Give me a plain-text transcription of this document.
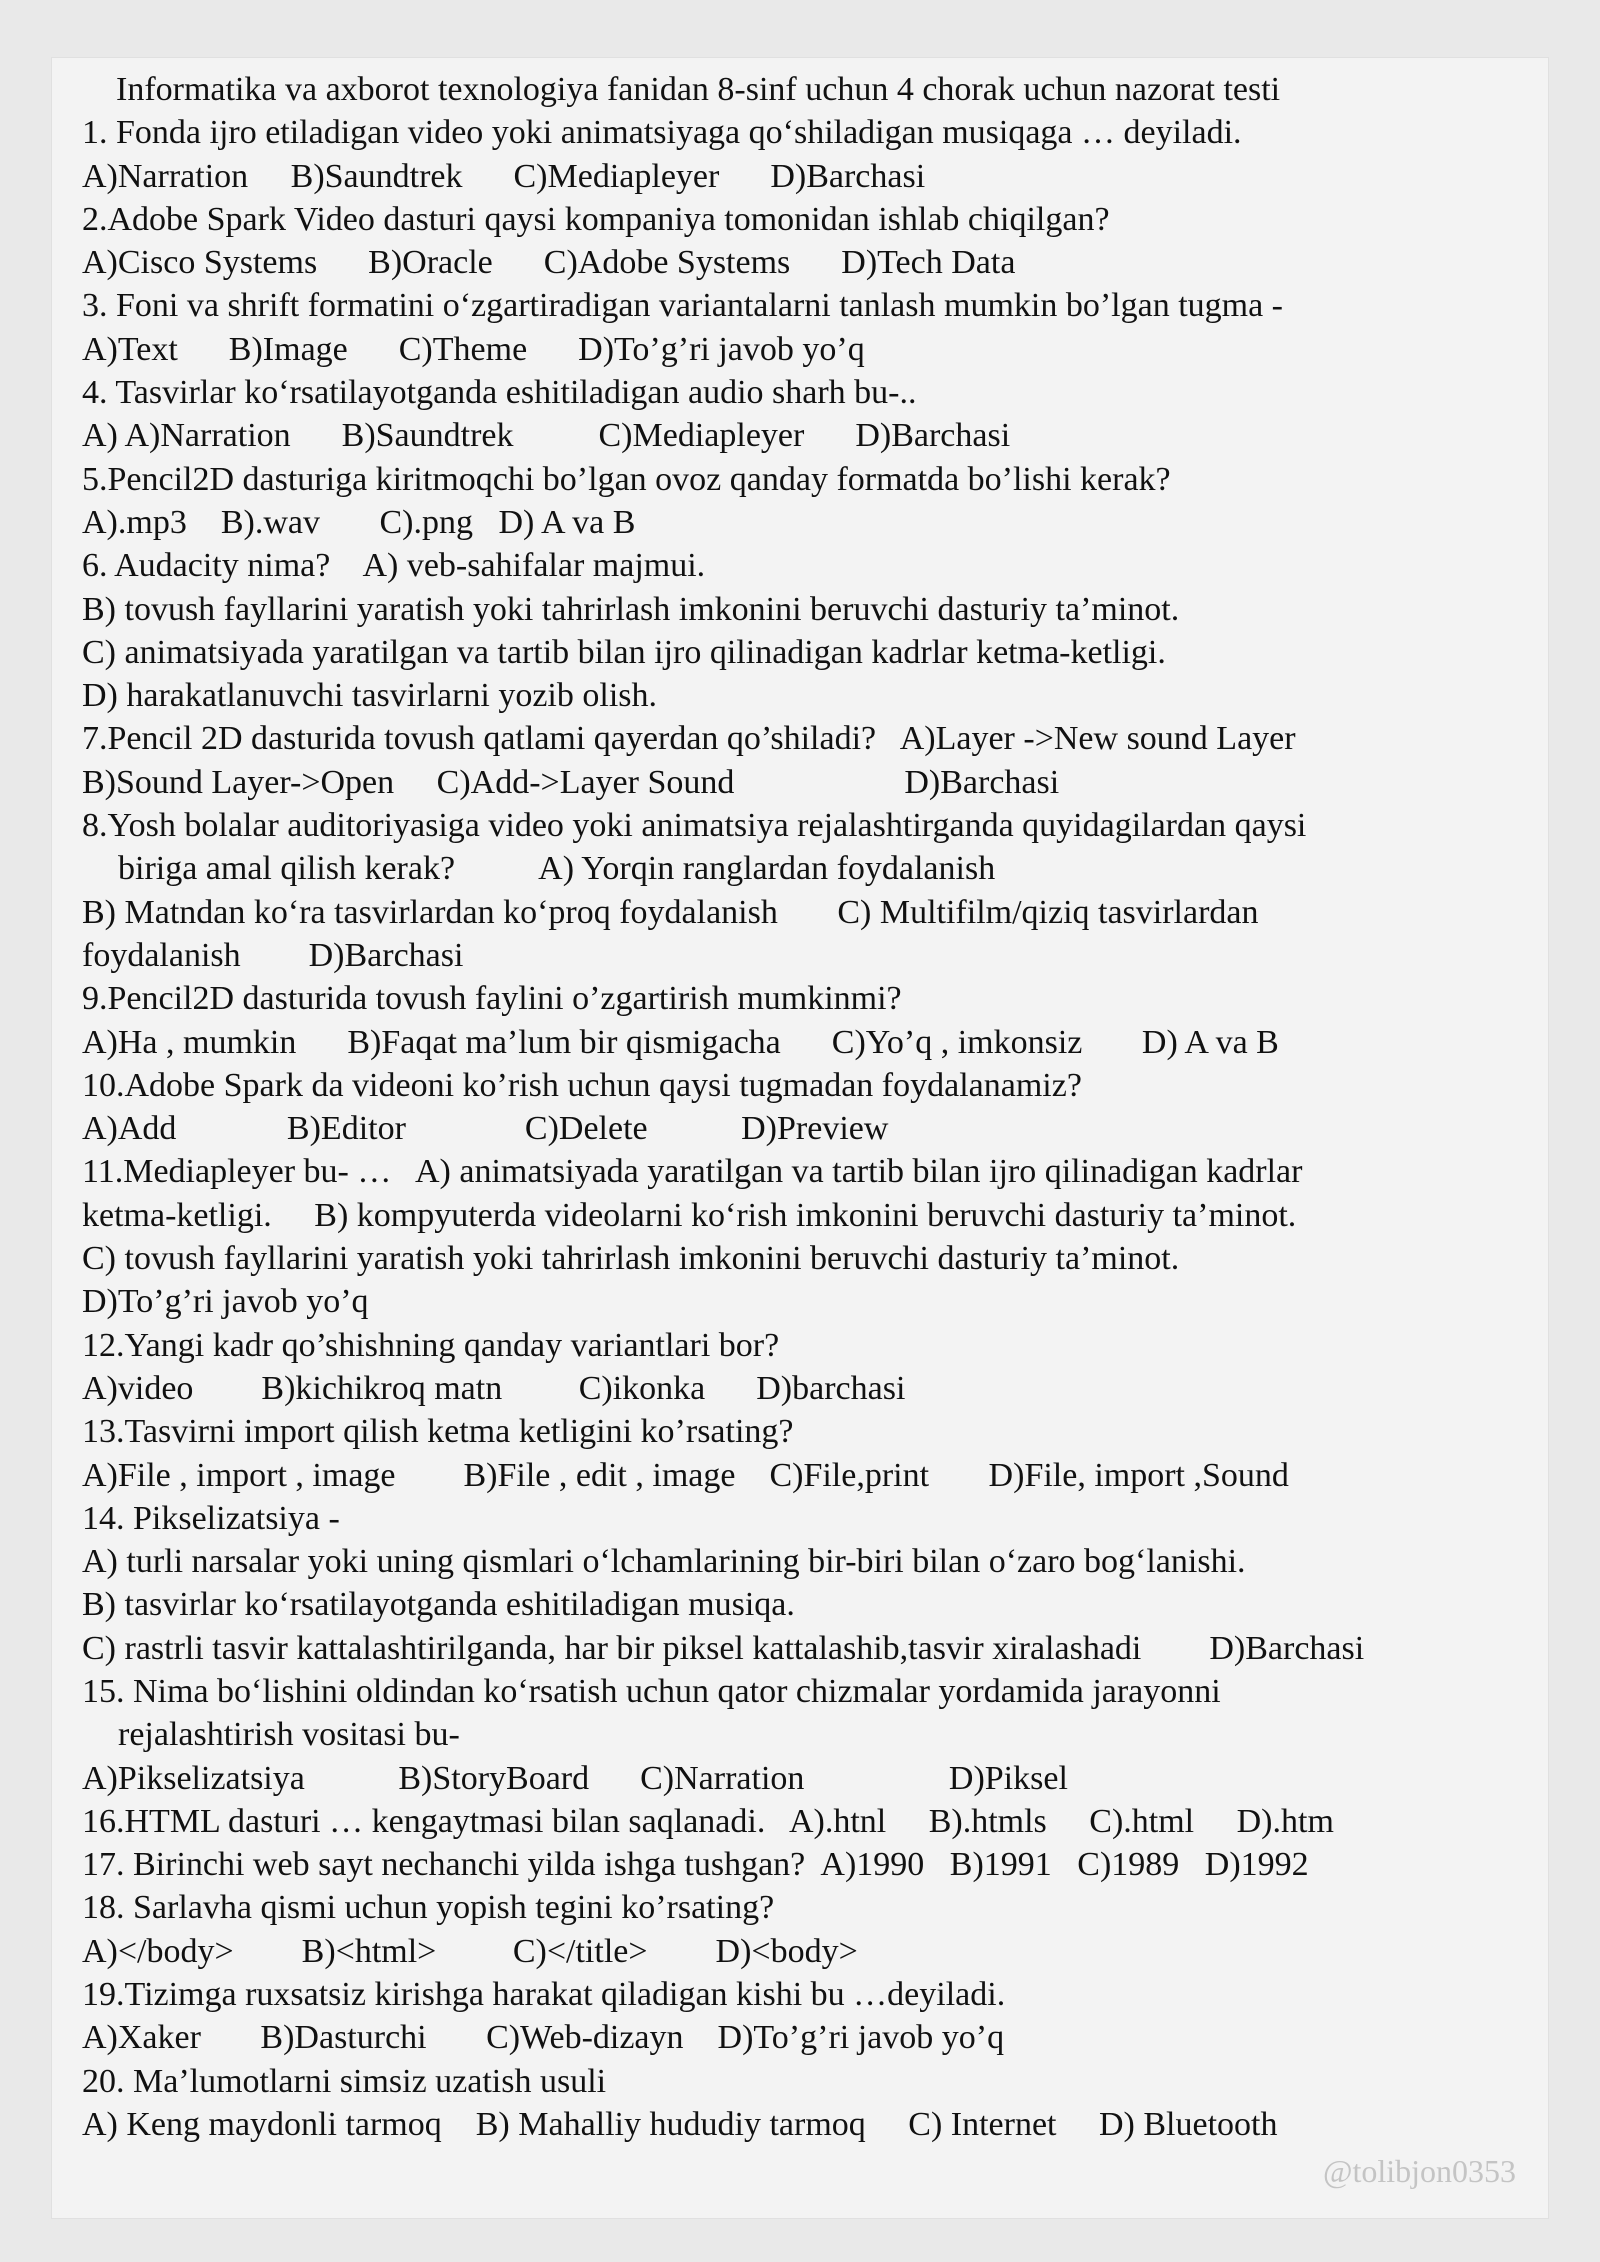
Informatika va axborot texnologiya fanidan 8-sinf uchun 4 chorak uchun nazorat testi
1. Fonda ijro etiladigan video yoki animatsiyaga qo‘shiladigan musiqaga … deyiladi.
A)Narration     B)Saundtrek      C)Mediapleyer      D)Barchasi
2.Adobe Spark Video dasturi qaysi kompaniya tomonidan ishlab chiqilgan?
A)Cisco Systems      B)Oracle      C)Adobe Systems      D)Tech Data
3. Foni va shrift formatini o‘zgartiradigan variantalarni tanlash mumkin bo’lgan tugma -
A)Text      B)Image      C)Theme      D)To’g’ri javob yo’q
4. Tasvirlar ko‘rsatilayotganda eshitiladigan audio sharh bu-..
A) A)Narration      B)Saundtrek          C)Mediapleyer      D)Barchasi
5.Pencil2D dasturiga kiritmoqchi bo’lgan ovoz qanday formatda bo’lishi kerak?
A).mp3    B).wav       C).png   D) A va B
6. Audacity nima?    A) veb-sahifalar majmui.
B) tovush fayllarini yaratish yoki tahrirlash imkonini beruvchi dasturiy ta’minot.
C) animatsiyada yaratilgan va tartib bilan ijro qilinadigan kadrlar ketma-ketligi.
D) harakatlanuvchi tasvirlarni yozib olish.
7.Pencil 2D dasturida tovush qatlami qayerdan qo’shiladi?   A)Layer ->New sound Layer
B)Sound Layer->Open     C)Add->Layer Sound                    D)Barchasi
8.Yosh bolalar auditoriyasiga video yoki animatsiya rejalashtirganda quyidagilardan qaysi
biriga amal qilish kerak?          A) Yorqin ranglardan foydalanish
B) Matndan ko‘ra tasvirlardan ko‘proq foydalanish       C) Multifilm/qiziq tasvirlardan
foydalanish        D)Barchasi
9.Pencil2D dasturida tovush faylini o’zgartirish mumkinmi?
A)Ha , mumkin      B)Faqat ma’lum bir qismigacha      C)Yo’q , imkonsiz       D) A va B
10.Adobe Spark da videoni ko’rish uchun qaysi tugmadan foydalanamiz?
A)Add             B)Editor              C)Delete           D)Preview
11.Mediapleyer bu- …   A) animatsiyada yaratilgan va tartib bilan ijro qilinadigan kadrlar
ketma-ketligi.     B) kompyuterda videolarni ko‘rish imkonini beruvchi dasturiy ta’minot.
C) tovush fayllarini yaratish yoki tahrirlash imkonini beruvchi dasturiy ta’minot.
D)To’g’ri javob yo’q
12.Yangi kadr qo’shishning qanday variantlari bor?
A)video        B)kichikroq matn         C)ikonka      D)barchasi
13.Tasvirni import qilish ketma ketligini ko’rsating?
A)File , import , image        B)File , edit , image    C)File,print       D)File, import ,Sound
14. Pikselizatsiya -
A) turli narsalar yoki uning qismlari o‘lchamlarining bir-biri bilan o‘zaro bog‘lanishi.
B) tasvirlar ko‘rsatilayotganda eshitiladigan musiqa.
C) rastrli tasvir kattalashtirilganda, har bir piksel kattalashib,tasvir xiralashadi        D)Barchasi
15. Nima bo‘lishini oldindan ko‘rsatish uchun qator chizmalar yordamida jarayonni
rejalashtirish vositasi bu-
A)Pikselizatsiya           B)StoryBoard      C)Narration                 D)Piksel
16.HTML dasturi … kengaytmasi bilan saqlanadi.   A).htnl     B).htmls     C).html     D).htm
17. Birinchi web sayt nechanchi yilda ishga tushgan?  A)1990   B)1991   C)1989   D)1992
18. Sarlavha qismi uchun yopish tegini ko’rsating?
A)</body>        B)<html>         C)</title>        D)<body>
19.Tizimga ruxsatsiz kirishga harakat qiladigan kishi bu …deyiladi.
A)Xaker       B)Dasturchi       C)Web-dizayn    D)To’g’ri javob yo’q
20. Ma’lumotlarni simsiz uzatish usuli
A) Keng maydonli tarmoq    B) Mahalliy hududiy tarmoq     C) Internet     D) Bluetooth
@tolibjon0353
